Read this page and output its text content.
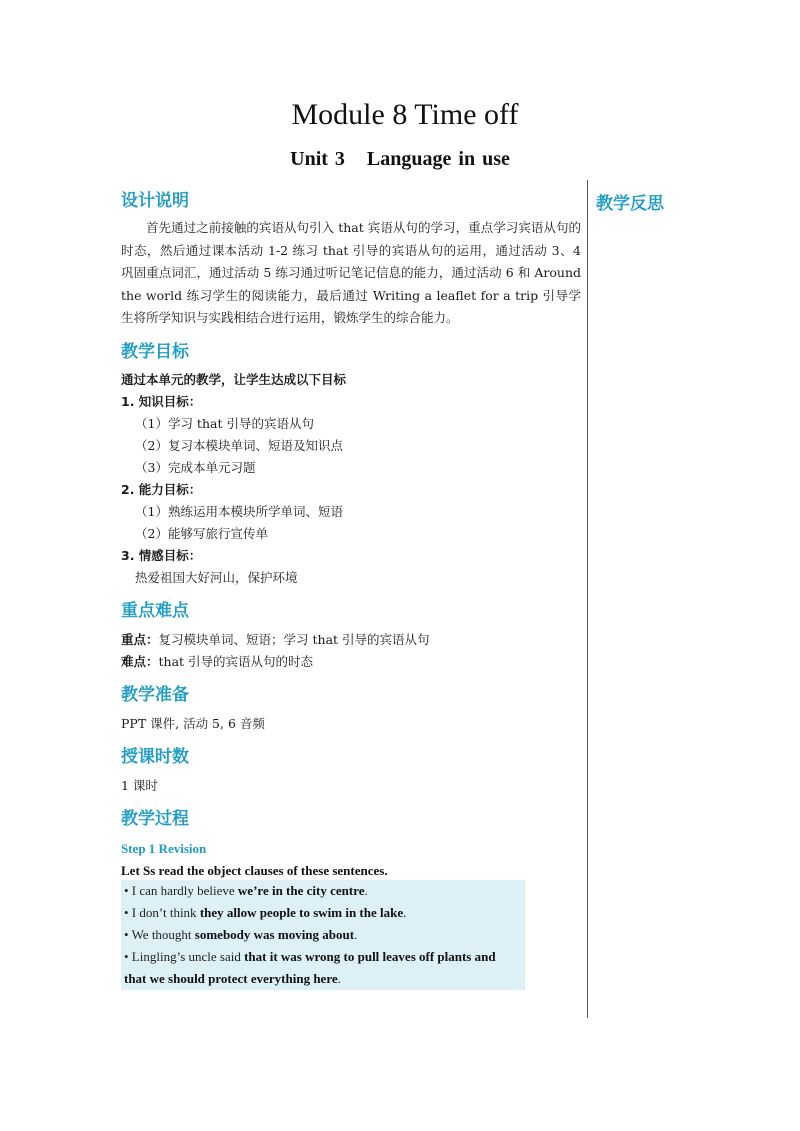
Module 8 Time off
Unit 3 Language in use
教学反思
设计说明
首先通过之前接触的宾语从句引入 that 宾语从句的学习，重点学习宾语从句的时态，然后通过课本活动 1-2 练习 that 引导的宾语从句的运用，通过活动 3、4 巩固重点词汇，通过活动 5 练习通过听记笔记信息的能力，通过活动 6 和 Around the world 练习学生的阅读能力，最后通过 Writing a leaflet for a trip 引导学生将所学知识与实践相结合进行运用，锻炼学生的综合能力。
教学目标
通过本单元的教学，让学生达成以下目标
1. 知识目标：
（1）学习 that 引导的宾语从句
（2）复习本模块单词、短语及知识点
（3）完成本单元习题
2. 能力目标：
（1）熟练运用本模块所学单词、短语
（2）能够写旅行宣传单
3. 情感目标：
热爱祖国大好河山，保护环境
重点难点
重点：复习模块单词、短语；学习 that 引导的宾语从句
难点：that 引导的宾语从句的时态
教学准备
PPT 课件, 活动 5, 6 音频
授课时数
1 课时
教学过程
Step 1 Revision
Let Ss read the object clauses of these sentences.
• I can hardly believe we’re in the city centre.
• I don’t think they allow people to swim in the lake.
• We thought somebody was moving about.
• Lingling’s uncle said that it was wrong to pull leaves off plants and
that we should protect everything here.
